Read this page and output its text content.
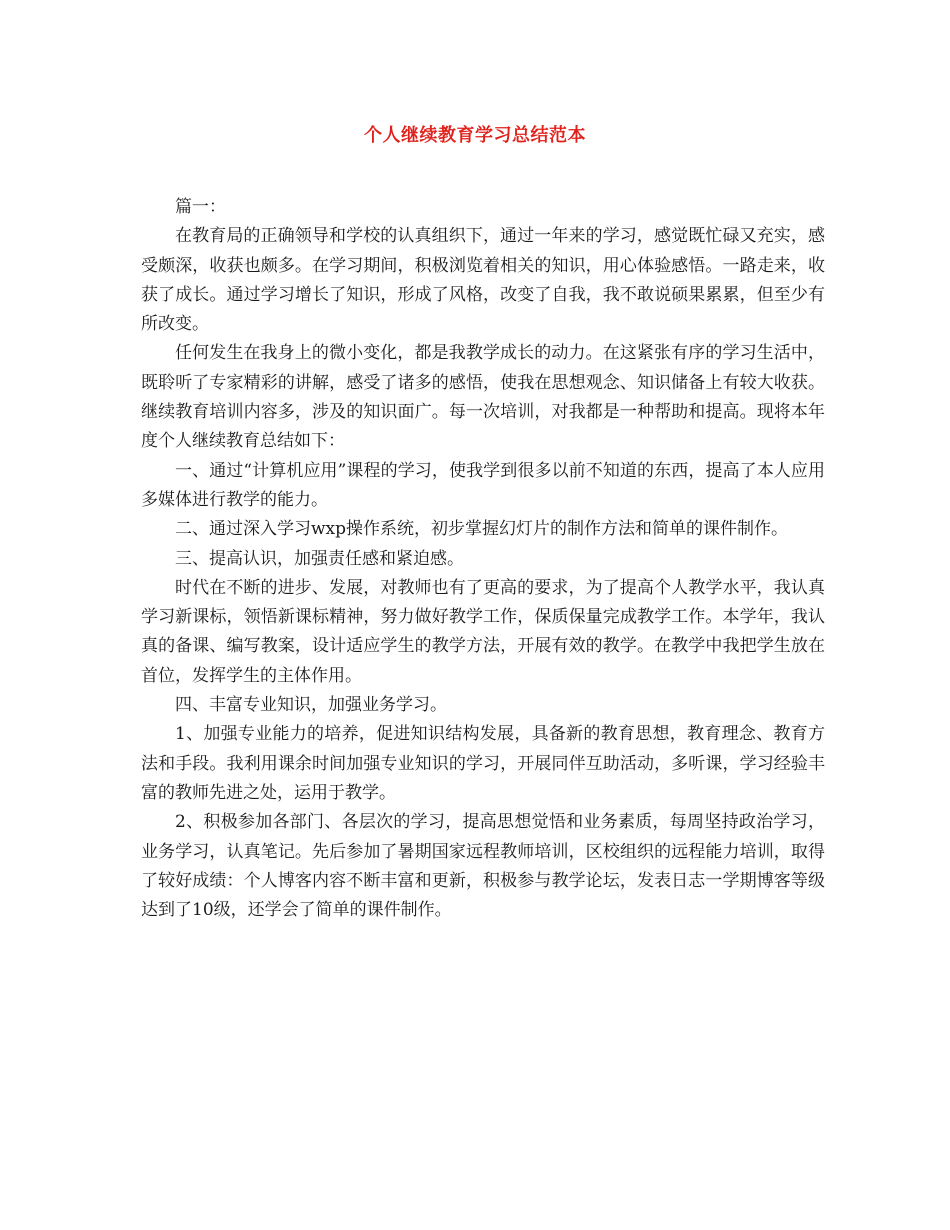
个人继续教育学习总结范本

篇一：

在教育局的正确领导和学校的认真组织下，通过一年来的学习，感觉既忙碌又充实，感受颇深，收获也颇多。在学习期间，积极浏览着相关的知识，用心体验感悟。一路走来，收获了成长。通过学习增长了知识，形成了风格，改变了自我，我不敢说硕果累累，但至少有所改变。

任何发生在我身上的微小变化，都是我教学成长的动力。在这紧张有序的学习生活中，既聆听了专家精彩的讲解，感受了诸多的感悟，使我在思想观念、知识储备上有较大收获。继续教育培训内容多，涉及的知识面广。每一次培训，对我都是一种帮助和提高。现将本年度个人继续教育总结如下：

一、通过“计算机应用”课程的学习，使我学到很多以前不知道的东西，提高了本人应用多媒体进行教学的能力。

二、通过深入学习wxp操作系统，初步掌握幻灯片的制作方法和简单的课件制作。

三、提高认识，加强责任感和紧迫感。

时代在不断的进步、发展，对教师也有了更高的要求，为了提高个人教学水平，我认真学习新课标，领悟新课标精神，努力做好教学工作，保质保量完成教学工作。本学年，我认真的备课、编写教案，设计适应学生的教学方法，开展有效的教学。在教学中我把学生放在首位，发挥学生的主体作用。

四、丰富专业知识，加强业务学习。

1、加强专业能力的培养，促进知识结构发展，具备新的教育思想，教育理念、教育方法和手段。我利用课余时间加强专业知识的学习，开展同伴互助活动，多听课，学习经验丰富的教师先进之处，运用于教学。

2、积极参加各部门、各层次的学习，提高思想觉悟和业务素质，每周坚持政治学习，业务学习，认真笔记。先后参加了暑期国家远程教师培训，区校组织的远程能力培训，取得了较好成绩：个人博客内容不断丰富和更新，积极参与教学论坛，发表日志一学期博客等级达到了10级，还学会了简单的课件制作。
